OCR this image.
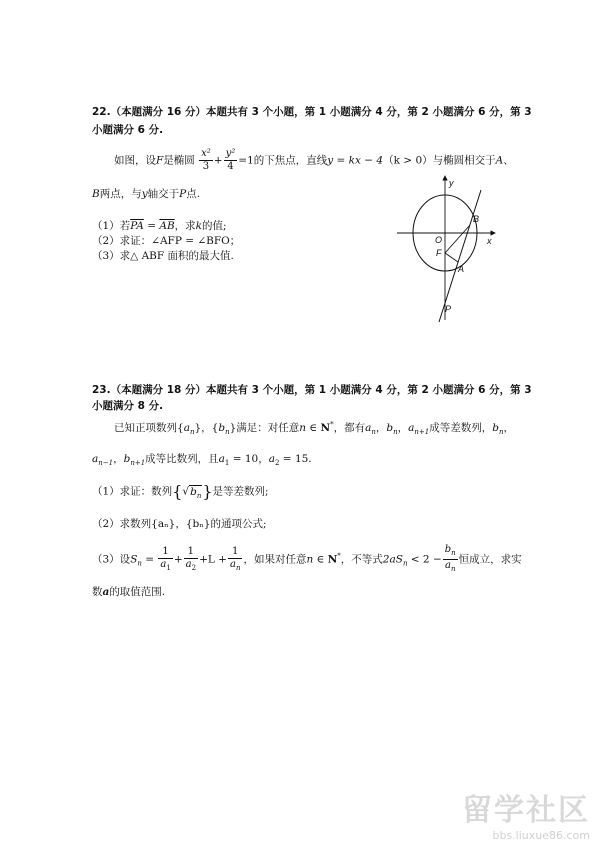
22.（本题满分 16 分）本题共有 3 个小题，第 1 小题满分 4 分，第 2 小题满分 6 分，第 3
小题满分 6 分.
如图，设F是椭圆 $\frac{\text{x²}}{3} + \frac{\text{y²}}{4} =1$的下焦点，直线y = kx − 4（k > 0）与椭圆相交于A、
B两点，与y轴交于P点.
（1）若$\overline{PA} = \overline{AB}$，求k的值;
（2）求证：∠AFP = ∠BFO；
（3）求△ ABF 面积的最大值.
y
x
O
F
A
B
P
23.（本题满分 18 分）本题共有 3 个小题，第 1 小题满分 4 分，第 2 小题满分 6 分，第 3
小题满分 8 分.
已知正项数列$\{a_n\}$，$\{b_n\}$满足：对任意n ∈ N*，都有$a_n$，$b_n$，$a_{n+1}$成等差数列，$b_n$，
$a_{n-1}$，$b_{n+1}$成等比数列，且$a_1 = 10$，$a_2 = 15$.
（1）求证：数列$\{√b_n\}$是等差数列;
（2）求数列{aₙ}，{bₙ}的通项公式;
（3）设$S_n = \frac{1}{a_1} + \frac{1}{a_2} +L + \frac{1}{a_n}$ ，如果对任意n ∈ N*，不等式$2aS_n < 2 - \frac{b_n}{a_n}$ 恒成立，求实
数a的取值范围.
留学社区
bbs.liuxue86.com
